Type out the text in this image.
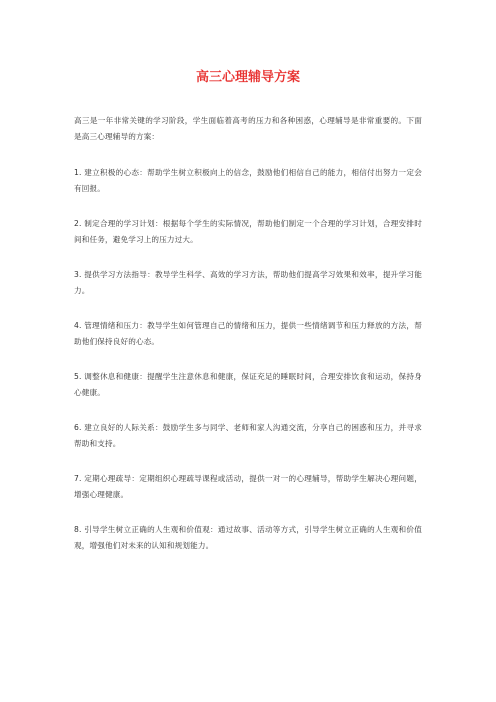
高三心理辅导方案

高三是一年非常关键的学习阶段，学生面临着高考的压力和各种困惑，心理辅导是非常重要的。下面是高三心理辅导的方案：

1. 建立积极的心态：帮助学生树立积极向上的信念，鼓励他们相信自己的能力，相信付出努力一定会有回报。

2. 制定合理的学习计划：根据每个学生的实际情况，帮助他们制定一个合理的学习计划，合理安排时间和任务，避免学习上的压力过大。

3. 提供学习方法指导：教导学生科学、高效的学习方法，帮助他们提高学习效果和效率，提升学习能力。

4. 管理情绪和压力：教导学生如何管理自己的情绪和压力，提供一些情绪调节和压力释放的方法，帮助他们保持良好的心态。

5. 调整休息和健康：提醒学生注意休息和健康，保证充足的睡眠时间，合理安排饮食和运动，保持身心健康。

6. 建立良好的人际关系：鼓励学生多与同学、老师和家人沟通交流，分享自己的困惑和压力，并寻求帮助和支持。

7. 定期心理疏导：定期组织心理疏导课程或活动，提供一对一的心理辅导，帮助学生解决心理问题，增强心理健康。

8. 引导学生树立正确的人生观和价值观：通过故事、活动等方式，引导学生树立正确的人生观和价值观，增强他们对未来的认知和规划能力。
